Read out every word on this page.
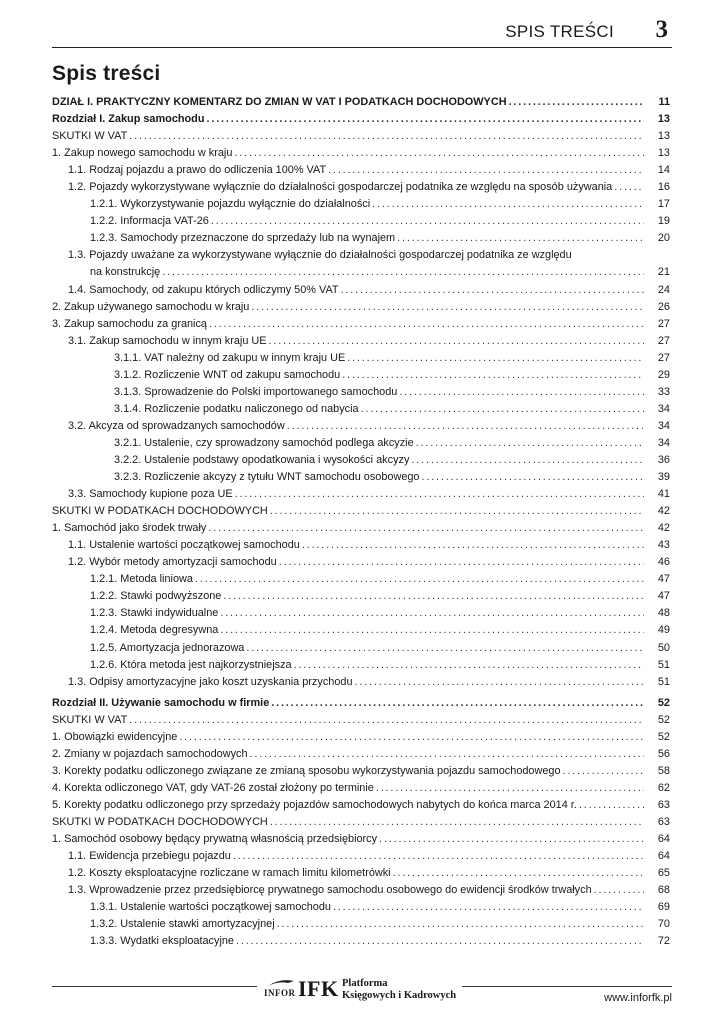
SPIS TREŚCI 3
Spis treści
DZIAŁ I. PRAKTYCZNY KOMENTARZ DO ZMIAN W VAT I PODATKACH DOCHODOWYCH . . .	11
Rozdział I. Zakup samochodu . . .	13
SKUTKI W VAT . . .	13
1. Zakup nowego samochodu w kraju . . .	13
1.1. Rodzaj pojazdu a prawo do odliczenia 100% VAT . . .	14
1.2. Pojazdy wykorzystywane wyłącznie do działalności gospodarczej podatnika ze względu na sposób używania . . .	16
1.2.1. Wykorzystywanie pojazdu wyłącznie do działalności . . .	17
1.2.2. Informacja VAT-26 . . .	19
1.2.3. Samochody przeznaczone do sprzedaży lub na wynajem . . .	20
1.3. Pojazdy uważane za wykorzystywane wyłącznie do działalności gospodarczej podatnika ze względu
na konstrukcję . . .	21
1.4. Samochody, od zakupu których odliczymy 50% VAT . . .	24
2. Zakup używanego samochodu w kraju . . .	26
3. Zakup samochodu za granicą . . .	27
3.1. Zakup samochodu w innym kraju UE . . .	27
3.1.1. VAT należny od zakupu w innym kraju UE . . .	27
3.1.2. Rozliczenie WNT od zakupu samochodu . . .	29
3.1.3. Sprowadzenie do Polski importowanego samochodu . . .	33
3.1.4. Rozliczenie podatku naliczonego od nabycia . . .	34
3.2. Akcyza od sprowadzanych samochodów . . .	34
3.2.1. Ustalenie, czy sprowadzony samochód podlega akcyzie . . .	34
3.2.2. Ustalenie podstawy opodatkowania i wysokości akcyzy . . .	36
3.2.3. Rozliczenie akcyzy z tytułu WNT samochodu osobowego . . .	39
3.3. Samochody kupione poza UE . . .	41
SKUTKI W PODATKACH DOCHODOWYCH . . .	42
1. Samochód jako środek trwały . . .	42
1.1. Ustalenie wartości początkowej samochodu . . .	43
1.2. Wybór metody amortyzacji samochodu . . .	46
1.2.1. Metoda liniowa . . .	47
1.2.2. Stawki podwyższone . . .	47
1.2.3. Stawki indywidualne . . .	48
1.2.4. Metoda degresywna . . .	49
1.2.5. Amortyzacja jednorazowa . . .	50
1.2.6. Która metoda jest najkorzystniejsza . . .	51
1.3. Odpisy amortyzacyjne jako koszt uzyskania przychodu . . .	51
Rozdział II. Używanie samochodu w firmie . . .	52
SKUTKI W VAT . . .	52
1. Obowiązki ewidencyjne . . .	52
2. Zmiany w pojazdach samochodowych . . .	56
3. Korekty podatku odliczonego związane ze zmianą sposobu wykorzystywania pojazdu samochodowego . . .	58
4. Korekta odliczonego VAT, gdy VAT-26 został złożony po terminie . . .	62
5. Korekty podatku odliczonego przy sprzedaży pojazdów samochodowych nabytych do końca marca 2014 r. . . .	63
SKUTKI W PODATKACH DOCHODOWYCH . . .	63
1. Samochód osobowy będący prywatną własnością przedsiębiorcy . . .	64
1.1. Ewidencja przebiegu pojazdu . . .	64
1.2. Koszty eksploatacyjne rozliczane w ramach limitu kilometrówki . . .	65
1.3. Wprowadzenie przez przedsiębiorcę prywatnego samochodu osobowego do ewidencji środków trwałych . . .	68
1.3.1. Ustalenie wartości początkowej samochodu . . .	69
1.3.2. Ustalenie stawki amortyzacyjnej . . .	70
1.3.3. Wydatki eksploatacyjne . . .	72
INFOR IFK Platforma
Księgowych i Kadrowych	www.inforfk.pl
